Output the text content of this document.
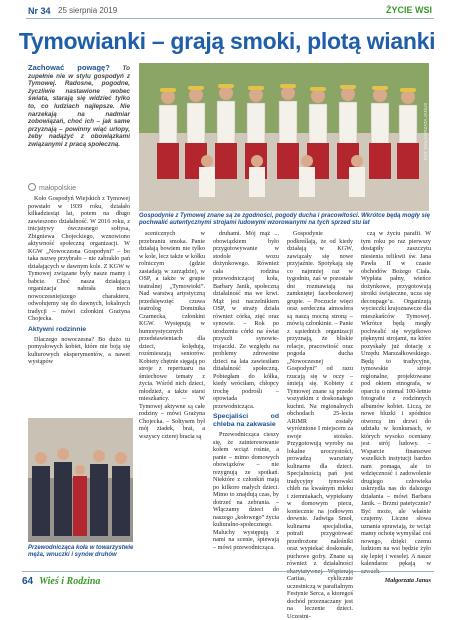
Nr 34 25 sierpnia 2019	ŻYCIE WSI
Tymowianki – grają smoki, plotą wianki
Zachować powagę? To zupełnie nie w stylu gospodyń z Tymowej. Radosne, pogodne, życzliwie nastawione wobec świata, starają się widzieć tylko to, co ludziach najlepsze. Nie narzekają na nadmiar zobowiązań, choć ich – jak same przyznają – powinny wiąć urlopy, żeby nadążyć z obowiązkami związanymi z pracą społeczną.
małopolskie
FOT. MAŁGORZATA JANUS
Gospodynie z Tymowej znane są ze zgodności, pogody ducha i pracowitości. Wkrótce będą mogły się pochwalić autentycznymi strojami ludowymi wzorowanymi na tych sprzed stu lat

Koło Gospodyń Wiejskich z Tymowej powstało w 1939 roku, działało kilkadziesiąt lat, potem na długo zawieszono działalność. W 2016 roku, z inicjatywy ówczesnego sołtysa, Zbigniewa Chojeckiego, wznowiono aktywność społeczną organizacji. W KGW „Nowoczesna Gospodyni” – bo taka nazwę przybrało – nie zabrakło pań działających w dawnym kole. Z KGW w Tymowej związane były nasze mamy i babcie. Choć nasza działającą organizacja nabrała nieco nowoczesniejszego charakteru, odwołujemy się do dawnych, lokalnych tradycji – mówi członkini Grażyna Chojecka.

Aktywni rodzinnie

Dlaczego nowoczesna? Bo dużo tu pomysłowych kobiet, które nie boją się kulturowych eksperymentów, a nawet wystąpów

Przewodnicząca koła w towarzystwie męża, wnuczki i synów druhów

scenicznych w przebraniu smoka. Panie działają bowiem nie tylko w kole, lecz także w kółku rolniczym (gdzie zasiadają w zarządzie), w OSP, a także w grupie teatralnej „Tymowioki”. Nad warstwą artystyczną przedsięwzięć czuwa teatrolog Dominika Czarnecka, członkini KGW. Występują w humorystycznych przedstawieniach dla dzieci, kolędują, rozśmieszają seniorów. Kobiety chętnie sięgają po stroje z repertuaru na śmiechowe tematy z życia. Wśród nich dzieci, młodzież, a także starsi mieszkańcy. – W Tymowej aktywne są całe rodziny – mówi Grażyna Chojecka. – Sołtysem był mój ziadek, brat, a wszyscy czterej bracia są

druhami. Mój mąż ... obowiązkiem było przygotowywanie w stodole wozu dożynkowego. Również cała rodzina przewodniczącej koła, Barbary Janik, społeczną działalność ma we krwi. Mąż jest naczelnikiem OSP, w straży działa również córka, zięć oraz synowie. – Rok po urodzeniu córki na świat przyszli synowie-trojaczki. Ze względu na problemy zdrowotne dzieci na lata zawiesiłam działalność społeczną. Pobiegłam do kółka, kiedy wróciłam, chłopcy trochę podrośli – opowiada przewodnicząca.

Specjaliści od chleba na zakwasie

Przewodnicząca cieszy się, że zainteresowanie kołem wciąż rośnie, a panie – mimo domowych obowiązków – nie rezygnują ze spotkań. Niektóre z członkiń mają po kilkoro małych dzieci. Mimo to znajdują czas, by dotrzeć na zebrania. – Włączamy dzieci do naszego „kołowego” życia kulturalno-społecznego. Maluchy występują z nami na scenie, śpiewają – mówi przewodnicząca.

Gospodynie podkreślają, że od kiedy działają w KGW, zawiązały się nowe przyjaźnie. Spotykają się co najmniej raz w tygodniu, zaś w pozostałe dni rozmawiają na zamkniętej facebookowej grupie. – Poczucie więzi oraz serdeczna atmosfera są naszą mocną stroną – mówią członkinie. – Panie z sąsiednich organizacji przyznają, że bliskie relacje, pracowitość oraz pogoda ducha „Nowoczesnej Gospodyni” od razu rzucają się w oczy – śmieją się. Kobiety z Tymowej znane są przede wszystkim z doskonałego kuchni. Na regionalnych obchodach 25-lecia ARiMR zostały wyróżnione I miejscem za swoje stoisko. Przygotowują wyroby na lokalne uroczystości, prowadzą warsztaty kulinarne dla dzieci. Specjalnością pań jest tradycyjny tymowski chleb na kwaśnym mleku i ziemniakach, wypiekany w domowym piecu, koniecznie na jodłowym drewnie. Jadwiga Smoł, kulinarna specjalistka, potrafi przygotować przedrożone naleśniki oraz wypiekać doskonałe, puchowe gofry. Znane są również z działalności charytatywnej. Wspierają Caritas, cyklicznie uczestniczą w parafialnym Festynie Serca, a ktoregoś dochód przeznaczany jest na leczenie dzieci. Uczestni-

czą w życiu parafii. W tym roku po raz pierwszy dostąpiły zaszczytu niesienia relikwii św. Jana Pawła II w czasie obchodów Bożego Ciała. Wypłata pałny, wieńce dożynkowe, przygotowują stroiki świąteczne, ucza się decoupage’u. Organizują wycieczki krajoznawcze dla mieszkańców Tymowej. Wkrótce będą mogły pochwalić się wyjątkowo pięknymi strojami, na które pozyskały już dotację z Urzędu Marszałkowskiego. Będą to tradycyjne, tymowskie stroje regionalne, projektowane pod okiem etnografa, w oparciu o niemal 100-letnie fotografie z rodzinnych albumów kobiet. Liczą, że nowe bluzki i spódnice otworzą im drzwi do udziału w konkursach, w których wysoko oceniany jest strój ludowy. – Wsparcie finansowe wszelkich instytucji bardzo nam pomaga, ale to wdzięczność i zadowolenie drugiego człowieka uskrzydla nas do dalszego działania – mówi Barbara Janik. – Brzmi patetycznie? Być może, ale właśnie czujemy. Liczne słowa uznania sprawiają, że wciąż mamy ochotę wymyślać coś nowego, dzięki czemu ludziom na wsi będzie żyło się lepiej i weselej. A nasze kalendarze pękają w szwach.

Małgorzata Janus
64 Wieś i Rodzina
